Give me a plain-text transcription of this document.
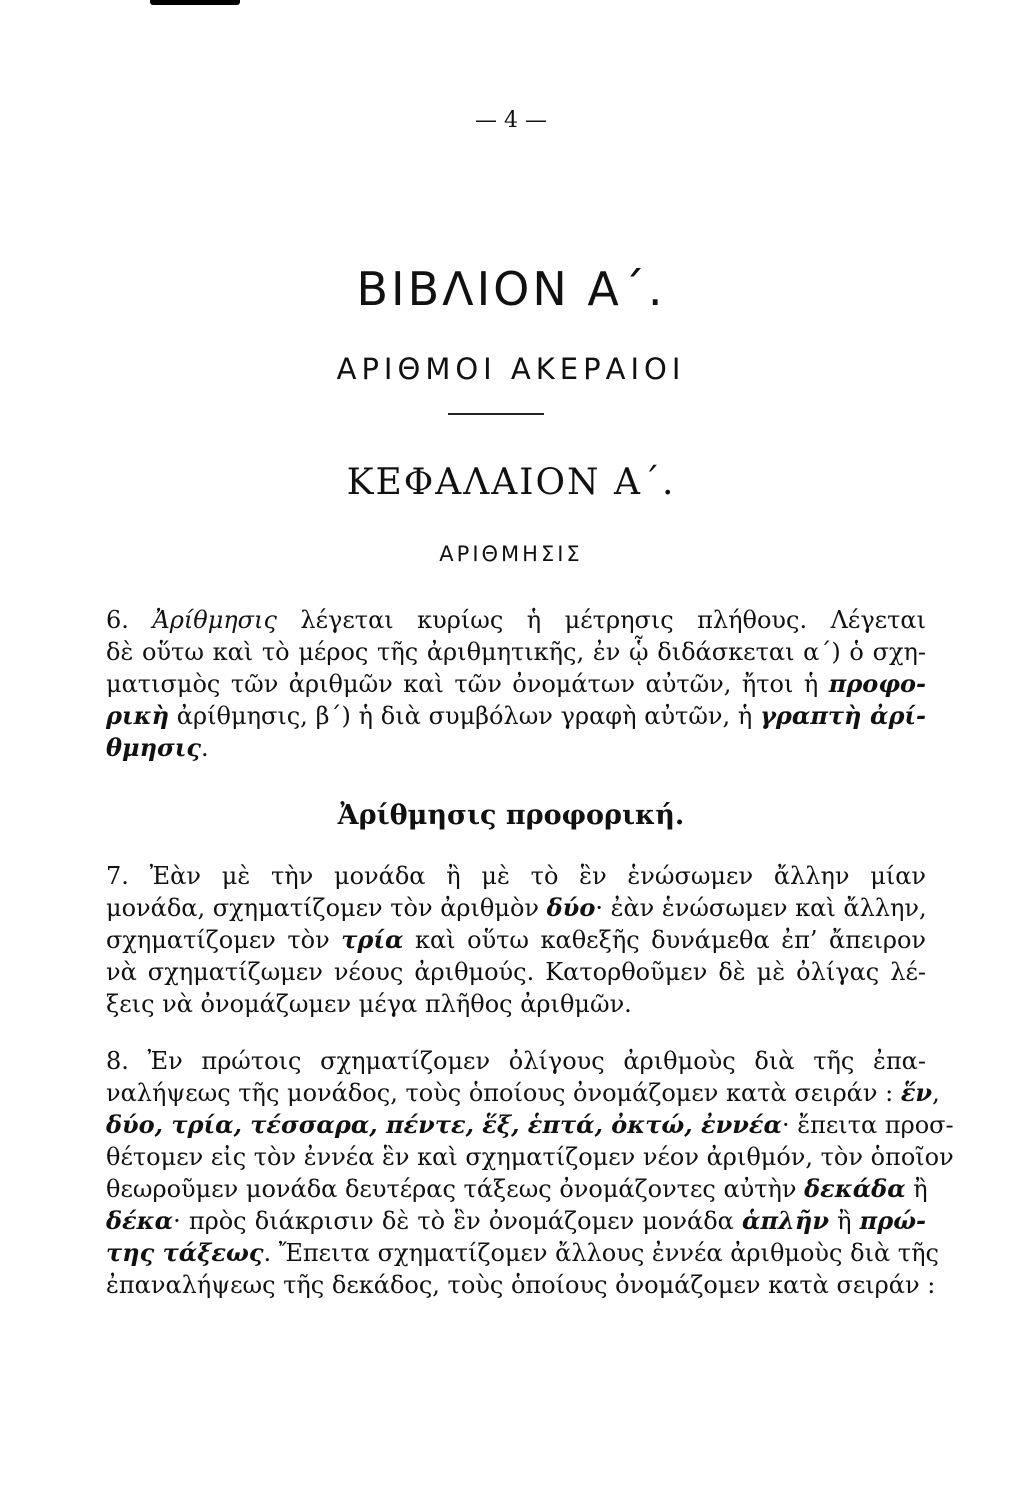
— 4 —
ΒΙΒΛΙΟΝ Α΄.
ΑΡΙΘΜΟΙ ΑΚΕΡΑΙΟΙ
ΚΕΦΑΛΑΙΟΝ Α΄.
ΑΡΙΘΜΗΣΙΣ
6. Ἀρίθμησις λέγεται κυρίως ἡ μέτρησις πλήθους. Λέγεται
δὲ οὕτω καὶ τὸ μέρος τῆς ἀριθμητικῆς, ἐν ᾧ διδάσκεται α΄) ὁ σχη-
ματισμὸς τῶν ἀριθμῶν καὶ τῶν ὀνομάτων αὐτῶν, ἤτοι ἡ προφο-
ρικὴ ἀρίθμησις, β΄) ἡ διὰ συμβόλων γραφὴ αὐτῶν, ἡ γραπτὴ ἀρί-
θμησις.
Ἀρίθμησις προφορική.
7. Ἐὰν μὲ τὴν μονάδα ἢ μὲ τὸ ἓν ἑνώσωμεν ἄλλην μίαν
μονάδα, σχηματίζομεν τὸν ἀριθμὸν δύο· ἐὰν ἑνώσωμεν καὶ ἄλλην,
σχηματίζομεν τὸν τρία καὶ οὕτω καθεξῆς δυνάμεθα ἐπ’ ἄπειρον
νὰ σχηματίζωμεν νέους ἀριθμούς. Κατορθοῦμεν δὲ μὲ ὀλίγας λέ-
ξεις νὰ ὀνομάζωμεν μέγα πλῆθος ἀριθμῶν.
8. Ἐν πρώτοις σχηματίζομεν ὀλίγους ἀριθμοὺς διὰ τῆς ἐπα-
ναλήψεως τῆς μονάδος, τοὺς ὁποίους ὀνομάζομεν κατὰ σειράν : ἕν,
δύο, τρία, τέσσαρα, πέντε, ἕξ, ἑπτά, ὀκτώ, ἐννέα· ἔπειτα προσ-
θέτομεν εἰς τὸν ἐννέα ἓν καὶ σχηματίζομεν νέον ἀριθμόν, τὸν ὁποῖον
θεωροῦμεν μονάδα δευτέρας τάξεως ὀνομάζοντες αὐτὴν δεκάδα ἢ
δέκα· πρὸς διάκρισιν δὲ τὸ ἓν ὀνομάζομεν μονάδα ἁπλῆν ἢ πρώ-
της τάξεως. Ἔπειτα σχηματίζομεν ἄλλους ἐννέα ἀριθμοὺς διὰ τῆς
ἐπαναλήψεως τῆς δεκάδος, τοὺς ὁποίους ὀνομάζομεν κατὰ σειράν :
